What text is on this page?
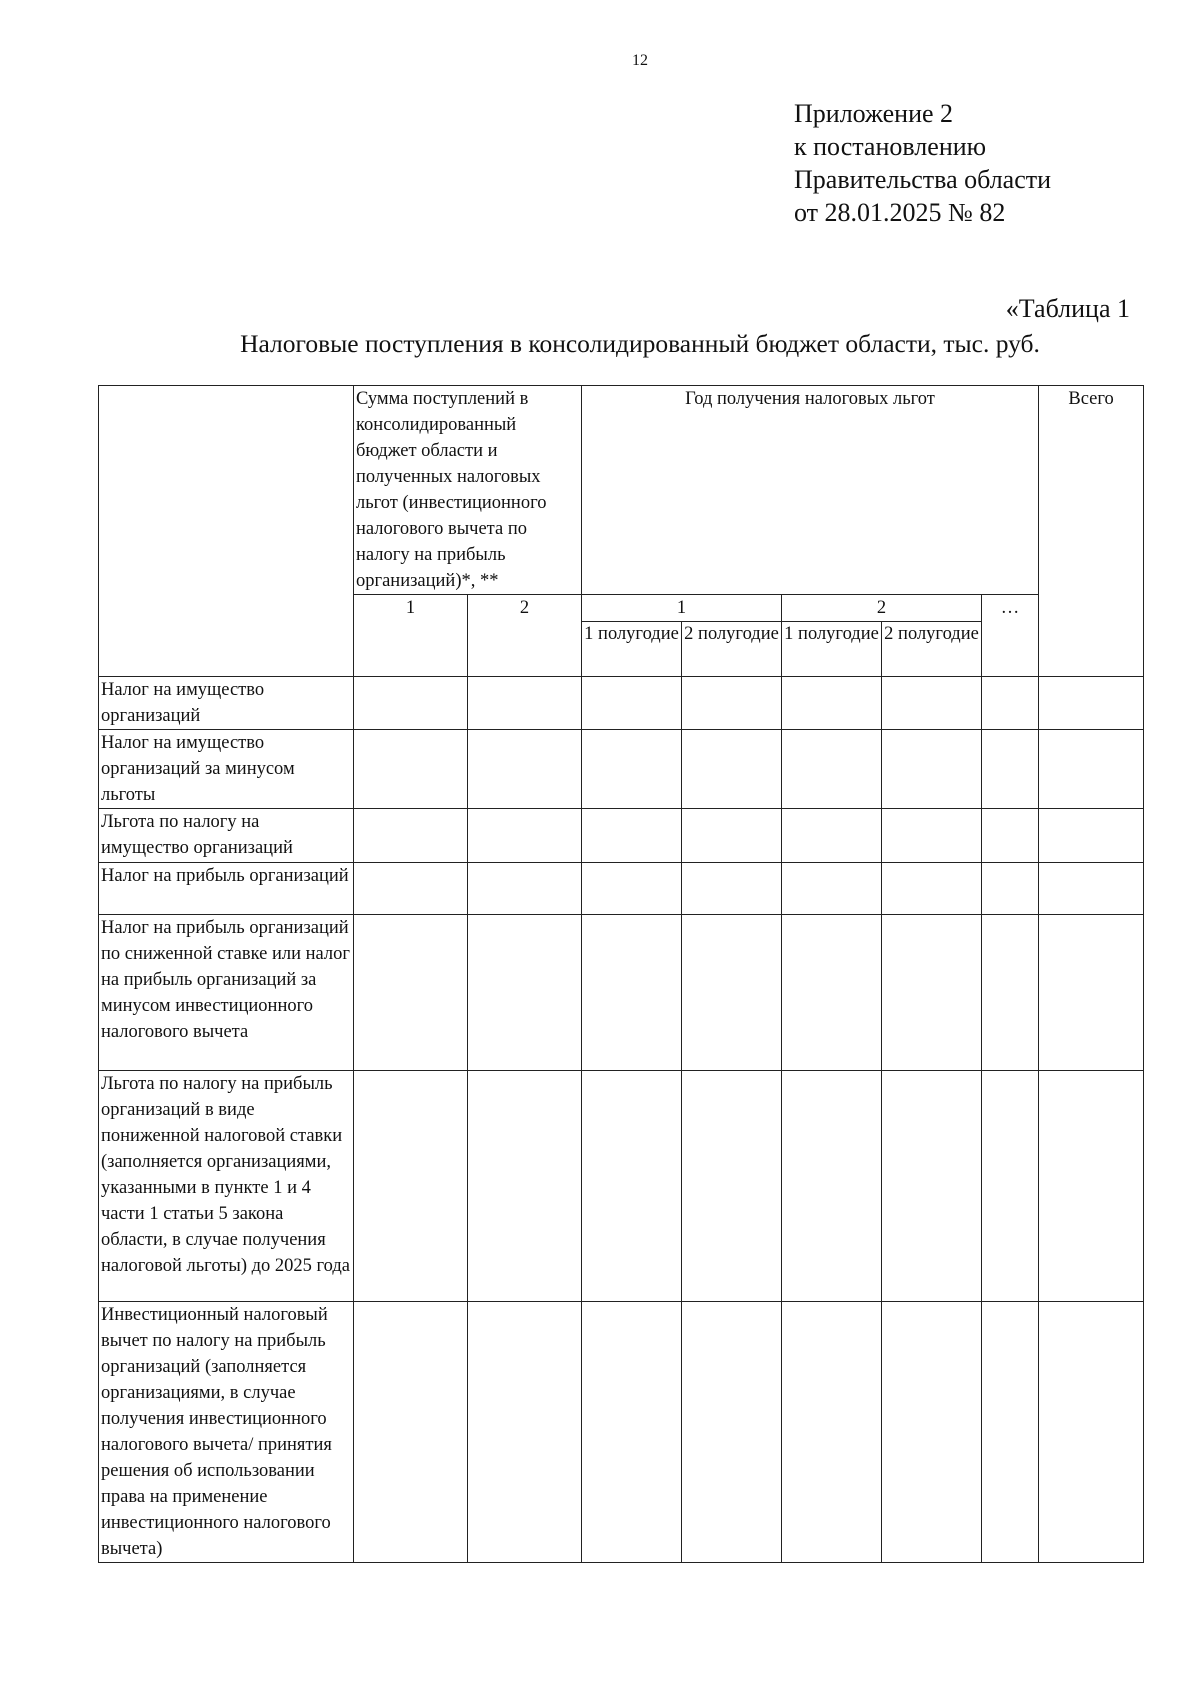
12
Приложение 2
к постановлению
Правительства области
от 28.01.2025 № 82
«Таблица 1
Налоговые поступления в консолидированный бюджет области, тыс. руб.
	Сумма поступлений в консолидированный бюджет области и полученных налоговых льгот (инвестиционного налогового вычета по налогу на прибыль организаций)*, **		Год получения налоговых льгот					Всего
	1	2	1		2		…	
			1 полугодие	2 полугодие	1 полугодие	2 полугодие		
Налог на имущество организаций								
Налог на имущество организаций за минусом льготы								
Льгота по налогу на имущество организаций								
Налог на прибыль организаций								
Налог на прибыль организаций по сниженной ставке или налог на прибыль организаций за минусом инвестиционного налогового вычета								
Льгота по налогу на прибыль организаций в виде пониженной налоговой ставки (заполняется организациями, указанными в пункте 1 и 4 части 1 статьи 5 закона области, в случае получения налоговой льготы) до 2025 года								
Инвестиционный налоговый вычет по налогу на прибыль организаций (заполняется организациями, в случае получения инвестиционного налогового вычета/ принятия решения об использовании права на применение инвестиционного налогового вычета)								
